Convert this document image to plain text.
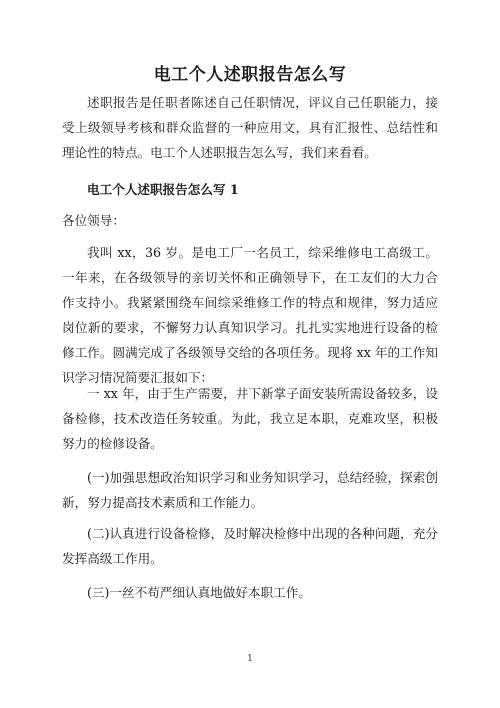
电工个人述职报告怎么写

述职报告是任职者陈述自己任职情况，评议自己任职能力，接受上级领导考核和群众监督的一种应用文，具有汇报性、总结性和理论性的特点。电工个人述职报告怎么写，我们来看看。

电工个人述职报告怎么写 1

各位领导：

我叫 xx，36 岁。是电工厂一名员工，综采维修电工高级工。一年来，在各级领导的亲切关怀和正确领导下，在工友们的大力合作支持小。我紧紧围绕车间综采维修工作的特点和规律，努力适应岗位新的要求，不懈努力认真知识学习。扎扎实实地进行设备的检修工作。圆满完成了各级领导交给的各项任务。现将 xx 年的工作知识学习情况简要汇报如下：

一 xx 年，由于生产需要，井下新掌子面安装所需设备较多，设备检修，技术改造任务较重。为此，我立足本职，克难攻坚，积极努力的检修设备。

(一)加强思想政治知识学习和业务知识学习，总结经验，探索创新，努力提高技术素质和工作能力。

(二)认真进行设备检修，及时解决检修中出现的各种问题，充分发挥高级工作用。

(三)一丝不苟严细认真地做好本职工作。

1
